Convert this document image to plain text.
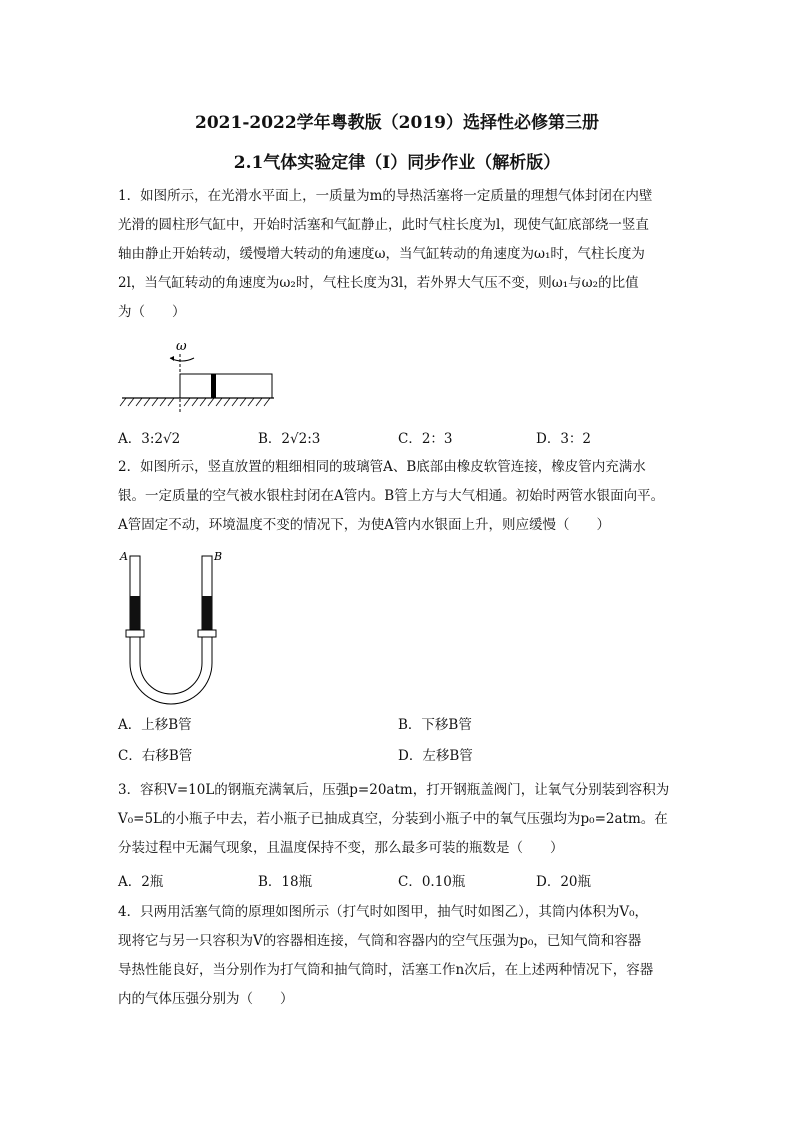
2021-2022学年粤教版（2019）选择性必修第三册
2.1气体实验定律（Ⅰ）同步作业（解析版）
1．如图所示，在光滑水平面上，一质量为m的导热活塞将一定质量的理想气体封闭在内壁
光滑的圆柱形气缸中，开始时活塞和气缸静止，此时气柱长度为l，现使气缸底部绕一竖直
轴由静止开始转动，缓慢增大转动的角速度ω，当气缸转动的角速度为ω₁时，气柱长度为
2l，当气缸转动的角速度为ω₂时，气柱长度为3l，若外界大气压不变，则ω₁与ω₂的比值
为（　　）
ω
A．3:2√2	B．2√2:3	C．2：3	D．3：2
2．如图所示，竖直放置的粗细相同的玻璃管A、B底部由橡皮软管连接，橡皮管内充满水
银。一定质量的空气被水银柱封闭在A管内。B管上方与大气相通。初始时两管水银面向平。
A管固定不动，环境温度不变的情况下，为使A管内水银面上升，则应缓慢（　　）
A	B
A．上移B管	B．下移B管
C．右移B管	D．左移B管
3．容积V=10L的钢瓶充满氧后，压强p=20atm，打开钢瓶盖阀门，让氧气分别装到容积为
V₀=5L的小瓶子中去，若小瓶子已抽成真空，分装到小瓶子中的氧气压强均为p₀=2atm。在
分装过程中无漏气现象，且温度保持不变，那么最多可装的瓶数是（　　）
A．2瓶	B．18瓶	C．0.10瓶	D．20瓶
4．只两用活塞气筒的原理如图所示（打气时如图甲，抽气时如图乙），其筒内体积为V₀，
现将它与另一只容积为V的容器相连接，气筒和容器内的空气压强为p₀，已知气筒和容器
导热性能良好，当分别作为打气筒和抽气筒时，活塞工作n次后，在上述两种情况下，容器
内的气体压强分别为（　　）
